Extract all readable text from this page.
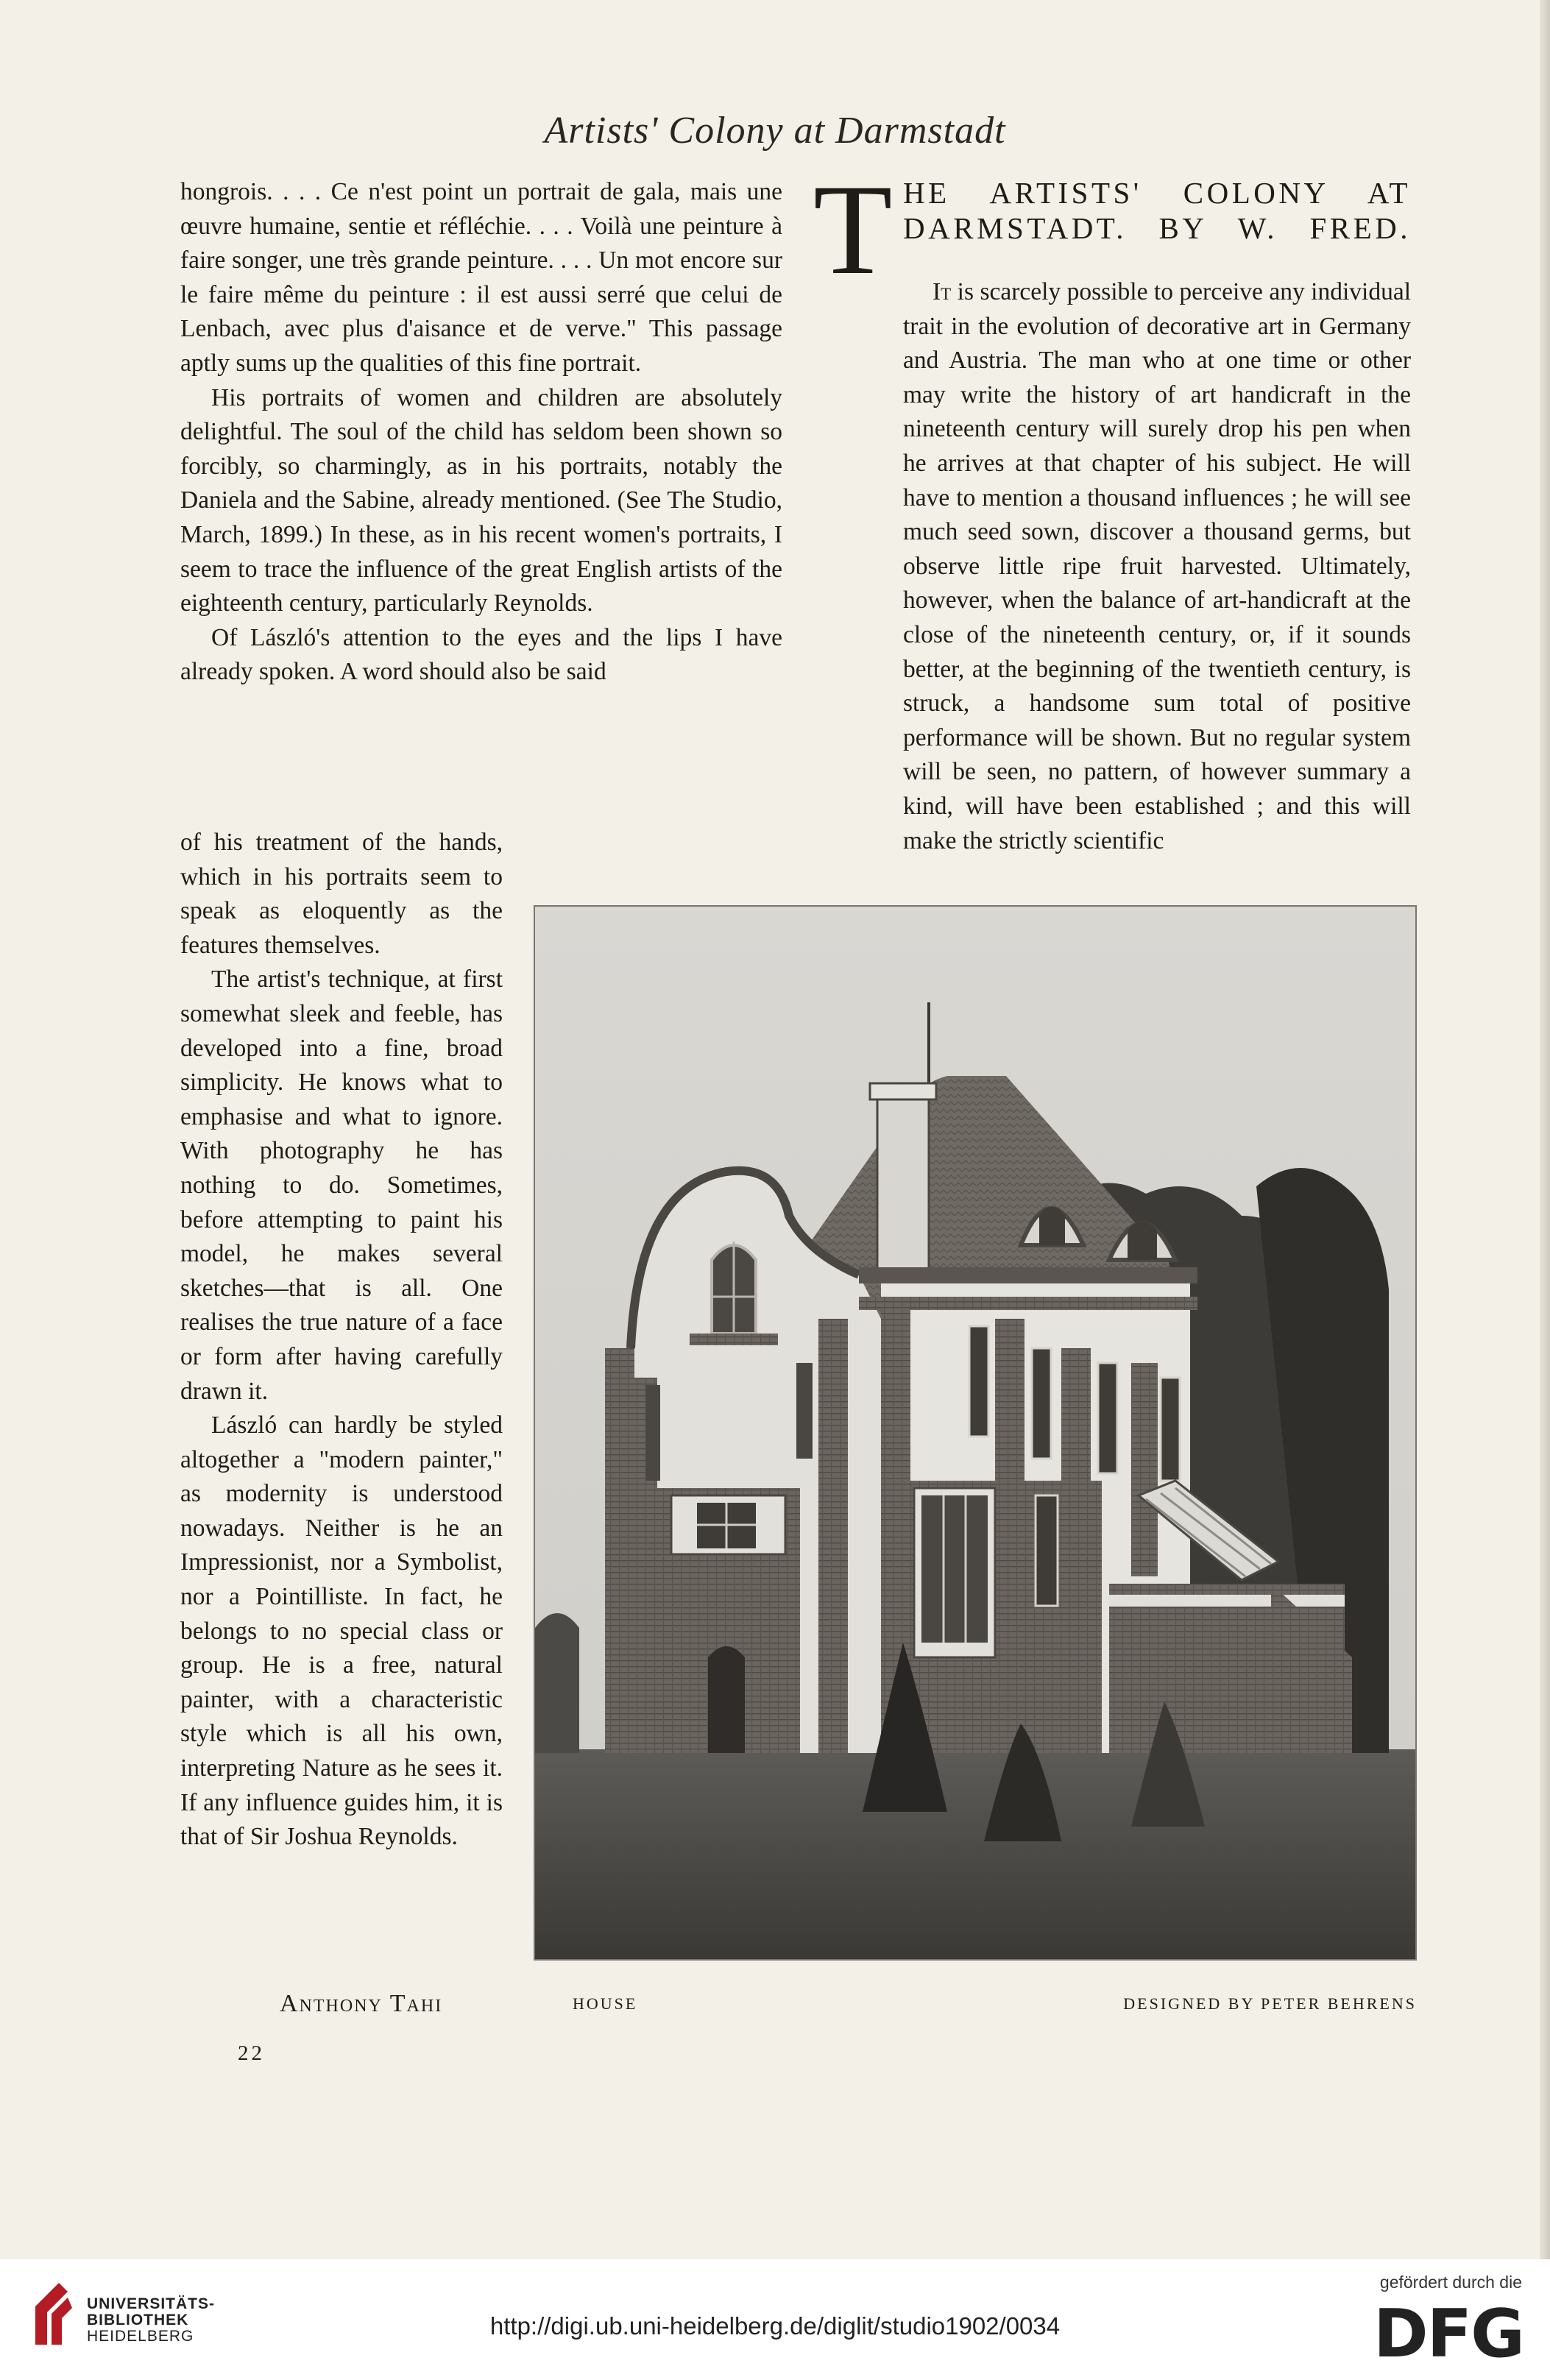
Artists' Colony at Darmstadt

hongrois. . . . Ce n'est point un portrait de gala, mais une œuvre humaine, sentie et réfléchie. . . . Voilà une peinture à faire songer, une très grande peinture. . . . Un mot encore sur le faire même du peinture : il est aussi serré que celui de Lenbach, avec plus d'aisance et de verve." This passage aptly sums up the qualities of this fine portrait.

His portraits of women and children are absolutely delightful. The soul of the child has seldom been shown so forcibly, so charmingly, as in his portraits, notably the Daniela and the Sabine, already mentioned. (See The Studio, March, 1899.) In these, as in his recent women's portraits, I seem to trace the influence of the great English artists of the eighteenth century, particularly Reynolds.

Of László's attention to the eyes and the lips I have already spoken. A word should also be said

of his treatment of the hands, which in his portraits seem to speak as eloquently as the features themselves.

The artist's technique, at first somewhat sleek and feeble, has developed into a fine, broad simplicity. He knows what to emphasise and what to ignore. With photography he has nothing to do. Sometimes, before attempting to paint his model, he makes several sketches—that is all. One realises the true nature of a face or form after having carefully drawn it.

László can hardly be styled altogether a "modern painter," as modernity is understood nowadays. Neither is he an Impressionist, nor a Symbolist, nor a Pointilliste. In fact, he belongs to no special class or group. He is a free, natural painter, with a characteristic style which is all his own, interpreting Nature as he sees it. If any influence guides him, it is that of Sir Joshua Reynolds.

Anthony Tahi
22
T HE ARTISTS' COLONY AT
DARMSTADT. BY W. FRED.

It is scarcely possible to perceive any individual trait in the evolution of decorative art in Germany and Austria. The man who at one time or other may write the history of art handicraft in the nineteenth century will surely drop his pen when he arrives at that chapter of his subject. He will have to mention a thousand influences ; he will see much seed sown, discover a thousand germs, but observe little ripe fruit harvested. Ultimately, however, when the balance of art-handicraft at the close of the nineteenth century, or, if it sounds better, at the beginning of the twentieth century, is struck, a handsome sum total of positive performance will be shown. But no regular system will be seen, no pattern, of however summary a kind, will have been established ; and this will make the strictly scientific

HOUSE	DESIGNED BY PETER BEHRENS
UNIVERSITÄTS-
BIBLIOTHEK
HEIDELBERG	http://digi.ub.uni-heidelberg.de/diglit/studio1902/0034
gefördert durch die
DFG
